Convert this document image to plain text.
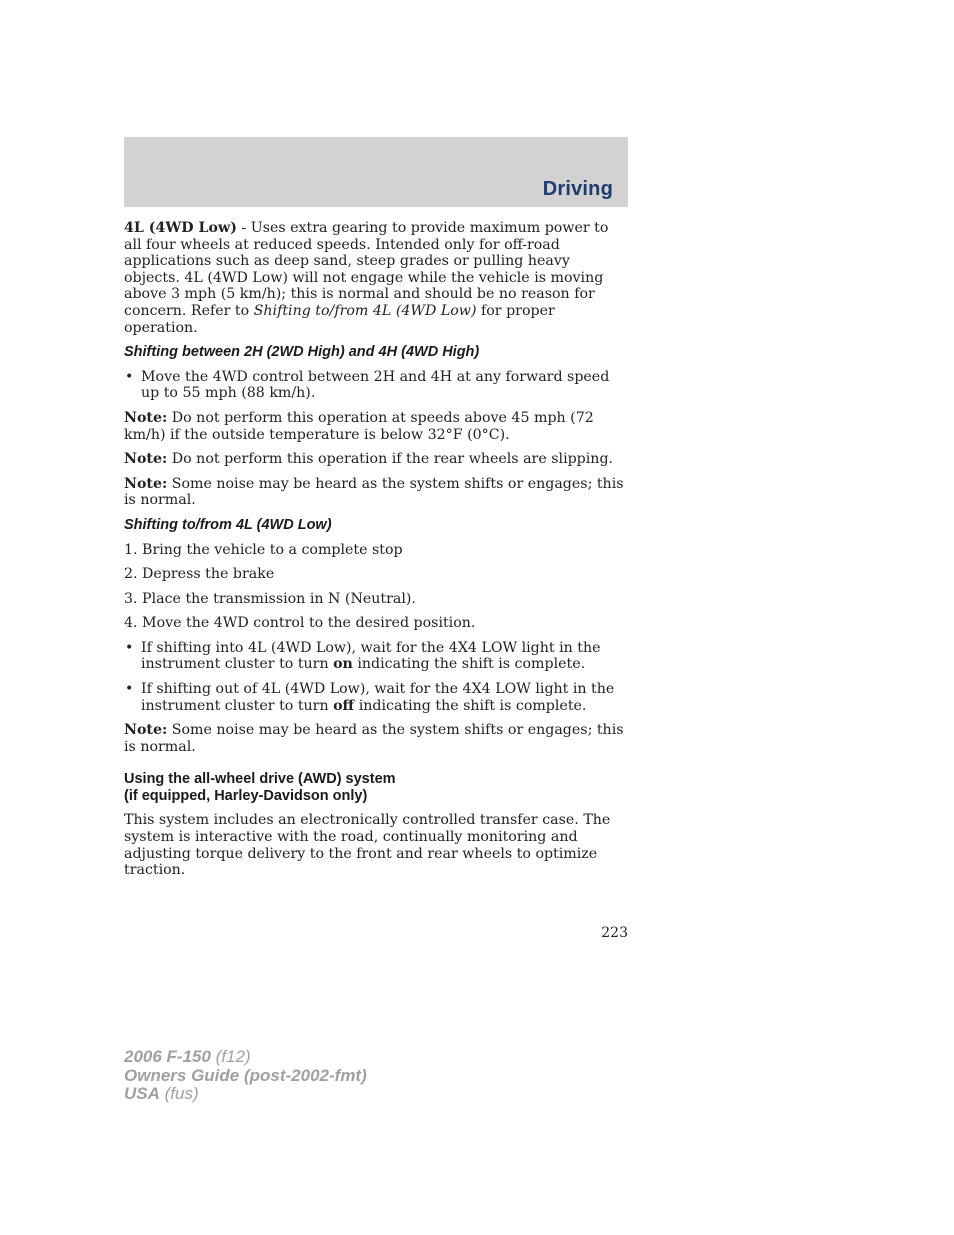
Driving

4L (4WD Low) - Uses extra gearing to provide maximum power to all four wheels at reduced speeds. Intended only for off-road applications such as deep sand, steep grades or pulling heavy objects. 4L (4WD Low) will not engage while the vehicle is moving above 3 mph (5 km/h); this is normal and should be no reason for concern. Refer to Shifting to/from 4L (4WD Low) for proper operation.

Shifting between 2H (2WD High) and 4H (4WD High)
• Move the 4WD control between 2H and 4H at any forward speed up to 55 mph (88 km/h).

Note: Do not perform this operation at speeds above 45 mph (72 km/h) if the outside temperature is below 32°F (0°C).

Note: Do not perform this operation if the rear wheels are slipping.

Note: Some noise may be heard as the system shifts or engages; this is normal.

Shifting to/from 4L (4WD Low)

1. Bring the vehicle to a complete stop

2. Depress the brake

3. Place the transmission in N (Neutral).

4. Move the 4WD control to the desired position.

• If shifting into 4L (4WD Low), wait for the 4X4 LOW light in the instrument cluster to turn on indicating the shift is complete.
• If shifting out of 4L (4WD Low), wait for the 4X4 LOW light in the instrument cluster to turn off indicating the shift is complete.

Note: Some noise may be heard as the system shifts or engages; this is normal.

Using the all-wheel drive (AWD) system
(if equipped, Harley-Davidson only)

This system includes an electronically controlled transfer case. The system is interactive with the road, continually monitoring and adjusting torque delivery to the front and rear wheels to optimize traction.

223
2006 F-150 (f12)
Owners Guide (post-2002-fmt)
USA (fus)
